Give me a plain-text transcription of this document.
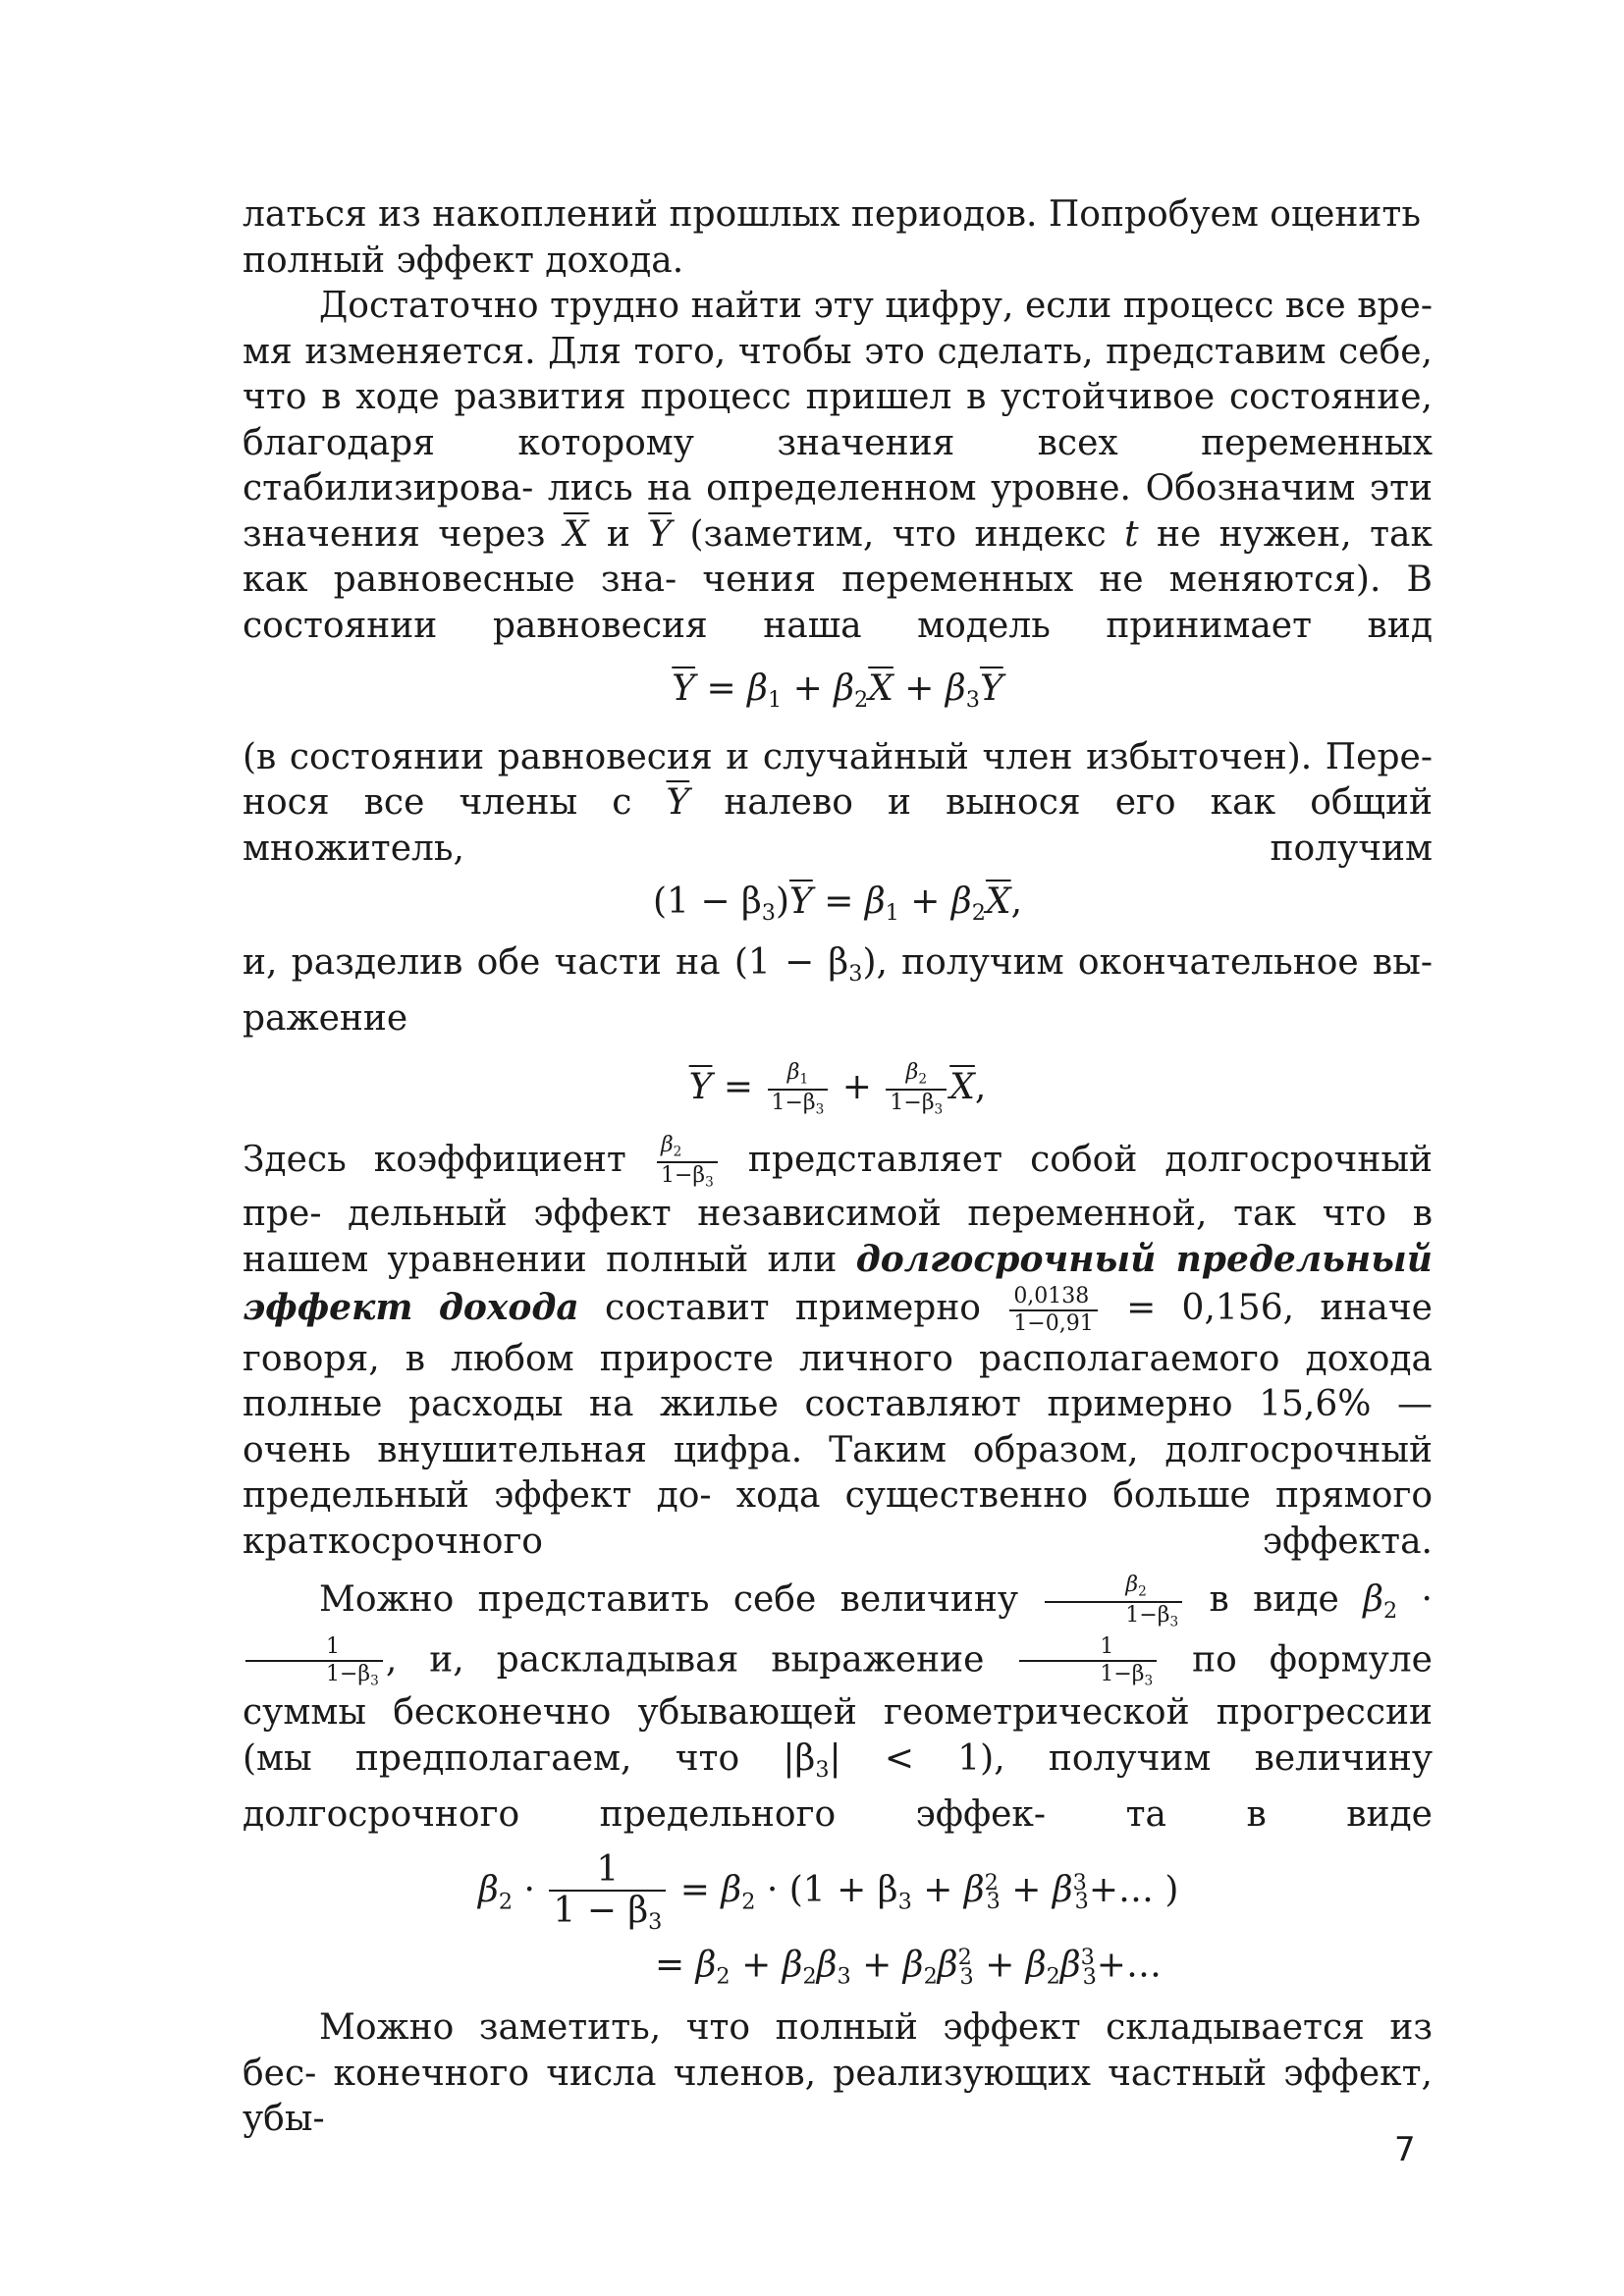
латься из накоплений прошлых периодов. Попробуем оценить
полный эффект дохода.

Достаточно трудно найти эту цифру, если процесс все вре- мя изменяется. Для того, чтобы это сделать, представим себе, что в ходе развития процесс пришел в устойчивое состояние, благодаря которому значения всех переменных стабилизирова- лись на определенном уровне. Обозначим эти значения через $\overline{X}$ и $\overline{Y}$ (заметим, что индекс t не нужен, так как равновесные зна- чения переменных не меняются). В состоянии равновесия наша модель принимает вид

$\overline{Y} = \beta_1 + \beta_2\overline{X} + \beta_3\overline{Y}$

(в состоянии равновесия и случайный член избыточен). Пере- нося все члены с $\overline{Y}$ налево и вынося его как общий множитель,	получим

$(1 - \beta_3)\overline{Y} = \beta_1 + \beta_2\overline{X}$,

и, разделив обе части на $(1 - \beta_3)$, получим окончательное вы- ражение

$\overline{Y} = \frac{\beta_1}{1-\beta_3} + \frac{\beta_2}{1-\beta_3} \overline{X}$,

Здесь коэффициент $\frac{\beta_2}{1-\beta_3}$ представляет собой долгосрочный пре- дельный эффект независимой переменной, так что в нашем уравнении полный или долгосрочный предельный эффект дохода составит примерно $\frac{0,0138}{1-0,91} = 0,156$, иначе говоря, в любом приросте личного располагаемого дохода полные расходы на жилье составляют примерно 15,6% — очень внушительная цифра. Таким образом, долгосрочный предельный эффект до- хода существенно больше прямого краткосрочного эффекта.

Можно представить себе величину $\frac{\beta_2}{1-\beta_3}$ в виде $\beta_2$ ·
$\frac{1}{1-\beta_3}$ , и, раскладывая выражение $\frac{1}{1-\beta_3}$ по формуле суммы бесконечно убывающей геометрической прогрессии (мы предполагаем, что $|\beta_3| < 1$), получим величину долгосрочного предельного эффек- та в виде

$\beta_2 \cdot \frac{1}{1 - \beta_3} = \beta_2 \cdot (1 + \beta_3 + \beta^2_3$ + $\beta^3_3+\dots$ )
= $\beta_2 + \beta_2\beta_3 + \beta_2\beta^2_3$ + $\beta_2\beta^3_3+\dots$

Можно заметить, что полный эффект складывается из бес- конечного числа членов, реализующих частный эффект, убы-

7
